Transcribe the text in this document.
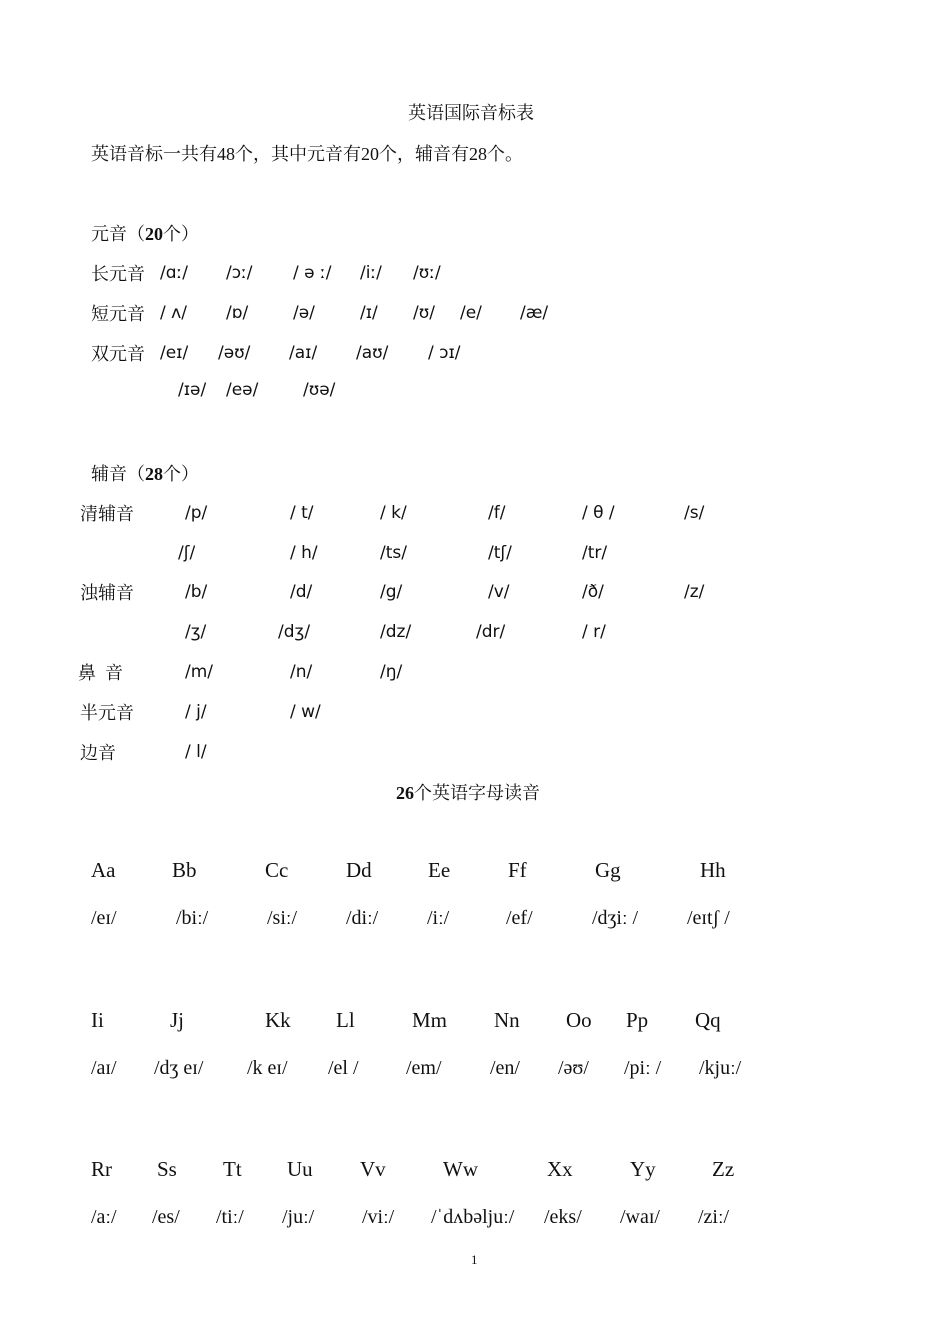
英语国际音标表
英语音标一共有48个，其中元音有20个，辅音有28个。
元音（20个）
长元音 /ɑː/ /ɔː/ / ə ː/ /iː/ /ʊː/
短元音 / ʌ/ /ɒ/	/ə/	/ɪ/ /ʊ/ /e/ /æ/
双元音 /eɪ/ /əʊ/ /aɪ/ /aʊ/ / ɔɪ/
/ɪə/ /eə/	/ʊə/
辅音（28个）
清辅音	/p/	/ t/	/ k/	/f/	/ θ /	/s/
/ʃ/	/ h/	/ts/	/tʃ/	/tr/
浊辅音	/b/	/d/	/g/	/v/	/ð/	/z/
/ʒ/	/dʒ/	/dz/	/dr/	/ r/
鼻  音	/m/	/n/	/ŋ/
半元音	/ j/	/ w/
边音	/ l/
26个英语字母读音
Aa	Bb	Cc	Dd	Ee	Ff	Gg	Hh
/eɪ/	/biː/	/siː/ /diː/ /iː/	/ef/	/dʒiː / /eɪtʃ /
Ii	Jj	Kk Ll	Mm Nn Oo Pp Qq
/aɪ/ /dʒ eɪ/ /k eɪ/ /el / /em/ /en/ /əʊ/ /piː / /kjuː/
Rr Ss Tt Uu Vv	Ww	Xx	Yy	Zz
/aː/ /es/ /tiː/ /juː/ /viː/ /ˈdʌbəljuː/ /eks/ /waɪ/ /ziː/
1
